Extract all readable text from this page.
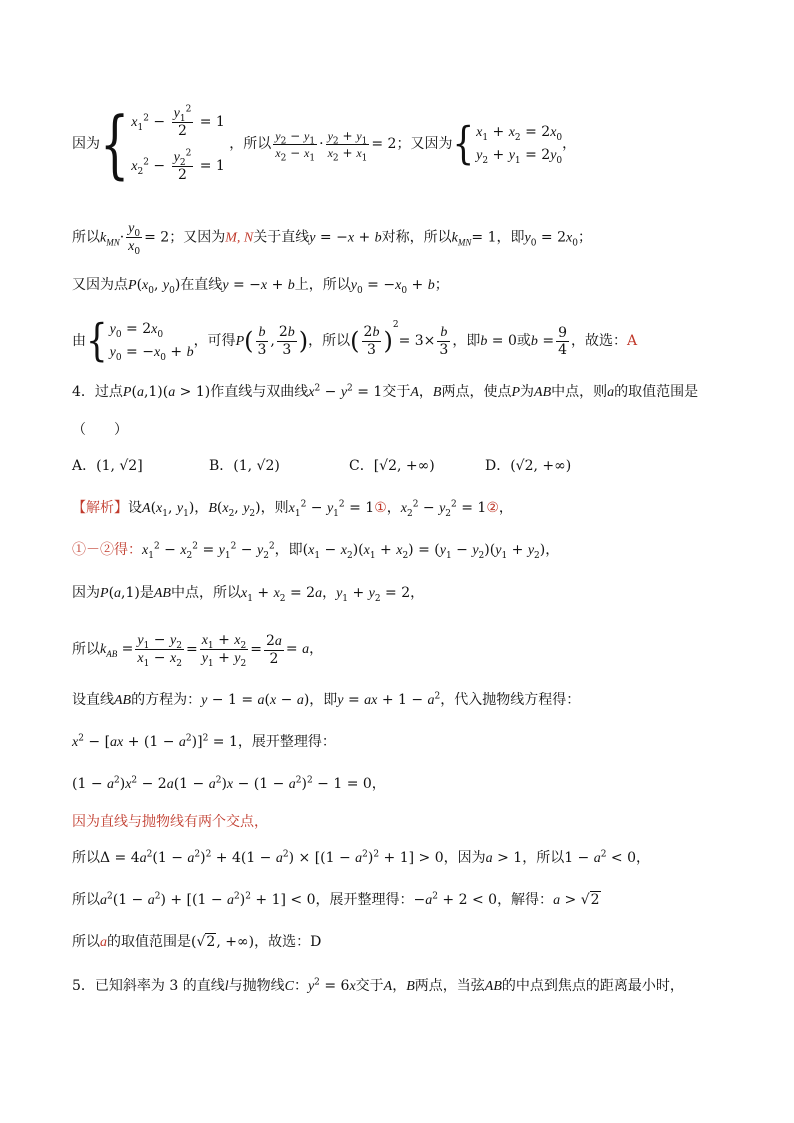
因为{ $x_1^2 - \frac{y_1^2}{2} = 1$
$x_2^2 - \frac{y_2^2}{2} = 1$
，所以 $\frac{y_2 - y_1}{x_2 - x_1} \cdot \frac{y_2 + y_1}{x_2 + x_1} = 2$；又因为{ $x_1 + x_2 = 2x_0$
$y_2 + y_1 = 2y_0$
，
所以$k_{MN}\cdot \frac{y_0}{x_0} = 2$；又因为M, N关于直线y = −x + b对称，所以$k_{MN}= 1$，即$y_0 = 2x_0$；
又因为点$P(x_0$, $y_0$)在直线y = −x + b上，所以$y_0 = -x_0 + b$；
由{ $y_0 = 2x_0$
$y_0 = -x_0 + b$
，可得$P( \frac{b}{3}$ , $\frac{2b}{3}$ )，所以( $\frac{2b}{3} )^2= 3\times \frac{b}{3}$ ，即b = 0或$b = \frac{9}{4}$ ，故选：A
4．过点P(a,1)(a > 1)作直线与双曲线$x^2 - y^2 = 1$交于A，B两点，使点P为AB中点，则a的取值范围是
（　　）
A．(1, √2]	B．(1, √2)	C．[√2, +∞)	D．(√2, +∞)
【解析】设$A(x_1$, $y_1$)，$B(x_2$, $y_2$)，则$x_1^2 - y_1^2$ = 1①，$x_2^2 - y_2^2$ = 1②，
①－②得：$x_1^2 - x_2^2 = y_1^2 - y_2^2$，即$(x_1 - x_2)(x_1 + x_2) = (y_1 - y_2)(y_1 + y_2)$，
因为P(a,1)是AB中点，所以$x_1 + x_2 = 2a$，$y_1 + y_2 = 2$，
所以$k_{AB} = \frac{y_1 - y_2}{x_1 - x_2} = \frac{x_1 + x_2}{y_1 + y_2} = \frac{2a}{2} = a$，
设直线AB的方程为：y − 1 = a(x − a)，即y = ax + $1 - a^2$，代入抛物线方程得：
$x^2 - [ax + (1 - a^2)]^2 = 1$，展开整理得：
$(1 - a^2)x^2 - 2a(1 - a^2)x - (1 - a^2)^2 - 1 = 0$，
因为直线与抛物线有两个交点，
所以$\Delta = 4a^2(1 - a^2)^2 + 4(1 - a^2) \times [(1 - a^2)^2 + 1] > 0$，因为a > 1，所以$1 - a^2 < 0$，
所以$a^2(1 - a^2) + [(1 - a^2)^2 + 1] < 0$，展开整理得：$-a^2 + 2 < 0$，解得：a > √2
所以a的取值范围是(√2, +∞)，故选：D
5．已知斜率为 3 的直线l与抛物线C：$y^2 = 6x$交于A，B两点，当弦AB的中点到焦点的距离最小时，
